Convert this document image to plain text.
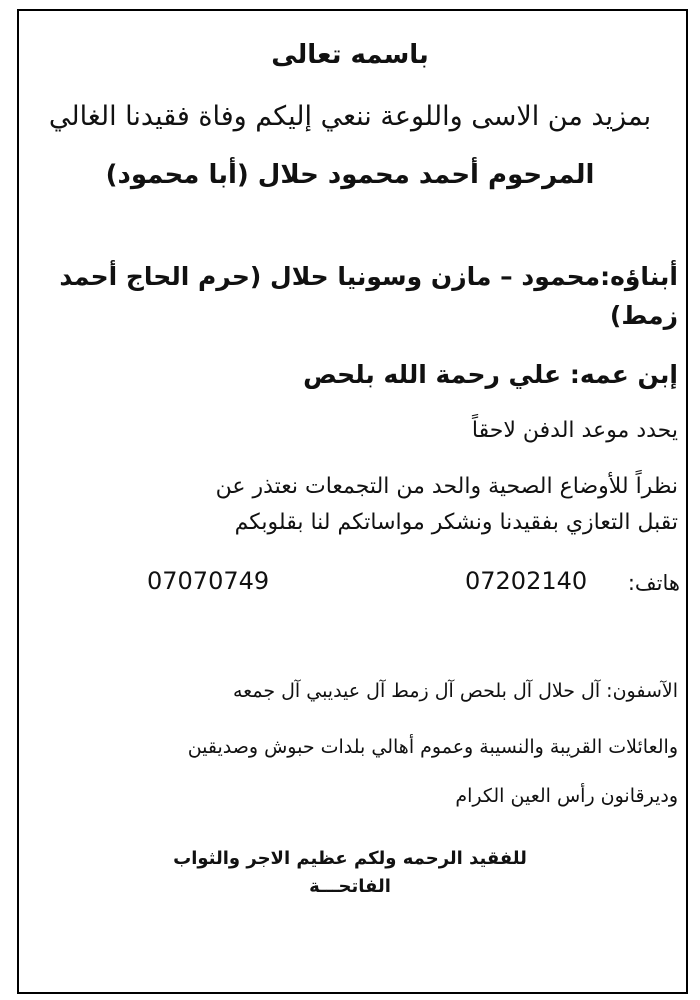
باسمه تعالى
بمزيد من الاسى واللوعة ننعي إليكم وفاة فقيدنا الغالي
المرحوم أحمد محمود حلال (أبا محمود)
أبناؤه:محمود – مازن وسونيا حلال (حرم الحاج أحمد
زمط)
إبن عمه: علي رحمة الله بلحص
يحدد موعد الدفن لاحقاً
نظراً للأوضاع الصحية والحد من التجمعات نعتذر عن
تقبل التعازي بفقيدنا ونشكر مواساتكم لنا بقلوبكم
هاتف:
07202140
07070749
الآسفون: آل حلال آل بلحص آل زمط آل عيديبي آل جمعه
والعائلات القريبة والنسيبة وعموم أهالي بلدات حبوش وصديقين
وديرقانون رأس العين الكرام
للفقيد الرحمه ولكم عظيم الاجر والثواب
الفاتحـــة
